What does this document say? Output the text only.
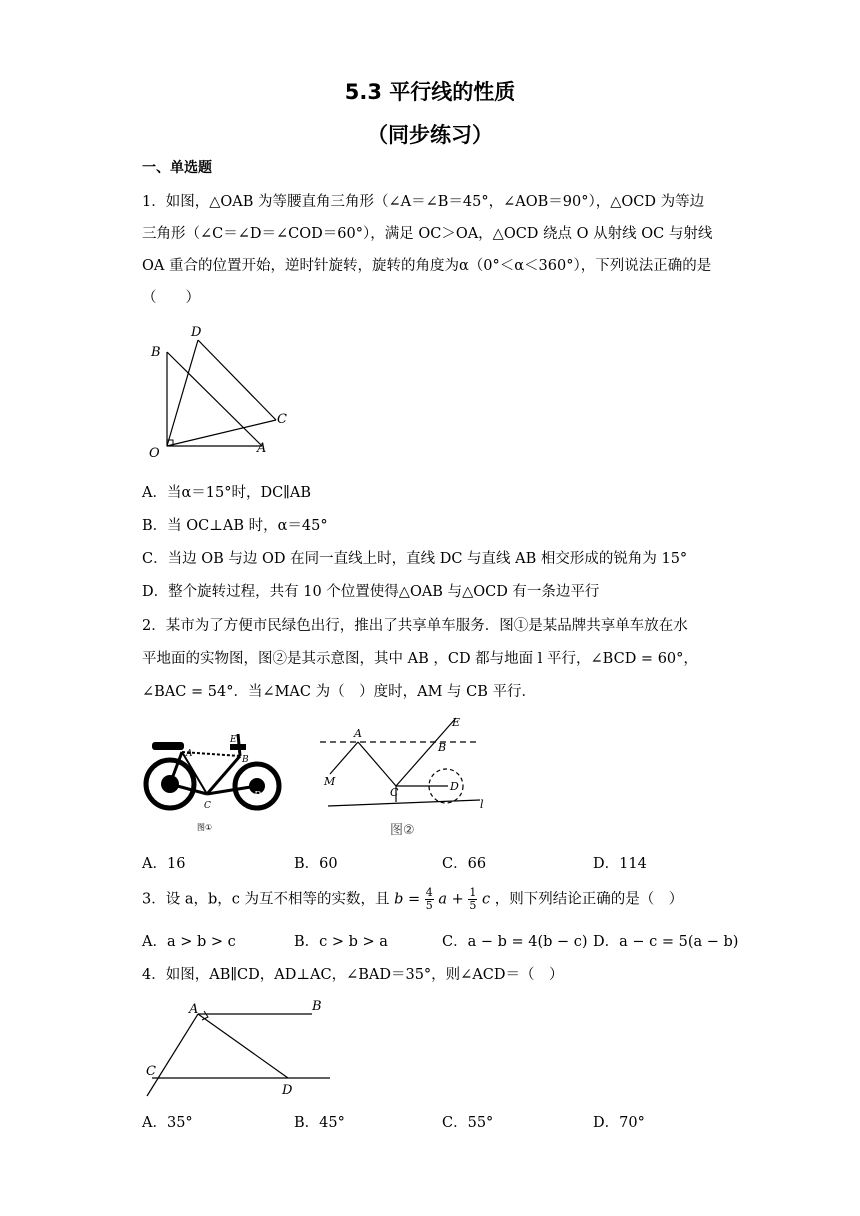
5.3 平行线的性质
（同步练习）
一、单选题
1．如图，△OAB 为等腰直角三角形（∠A＝∠B＝45°，∠AOB＝90°），△OCD 为等边
三角形（∠C＝∠D＝∠COD＝60°），满足 OC＞OA，△OCD 绕点 O 从射线 OC 与射线
OA 重合的位置开始，逆时针旋转，旋转的角度为α（0°＜α＜360°），下列说法正确的是
（　　）
B
D
C
O	A
A．当α＝15°时，DC∥AB
B．当 OC⊥AB 时，α＝45°
C．当边 OB 与边 OD 在同一直线上时，直线 DC 与直线 AB 相交形成的锐角为 15°
D．整个旋转过程，共有 10 个位置使得△OAB 与△OCD 有一条边平行
2．某市为了方便市民绿色出行，推出了共享单车服务．图①是某品牌共享单车放在水
平地面的实物图，图②是其示意图，其中 AB ，CD 都与地面 l 平行，∠BCD = 60°，
∠BAC = 54°．当∠MAC 为（　）度时，AM 与 CB 平行．
A
E
B
M
C
D
图①
A
E
B
M
C	D
l
图②
A．16	B．60	C．66	D．114
3．设 a，b，c 为互不相等的实数，且 $b = \frac{4}{5}$ $a + \frac{1}{5}$ c ，则下列结论正确的是（　）
A．a > b > c	B．c > b > a	C．a − b = 4(b − c) D．a − c = 5(a − b)
4．如图，AB∥CD，AD⊥AC，∠BAD＝35°，则∠ACD＝（　）
A	B
C
D
A．35°	B．45°	C．55°	D．70°
